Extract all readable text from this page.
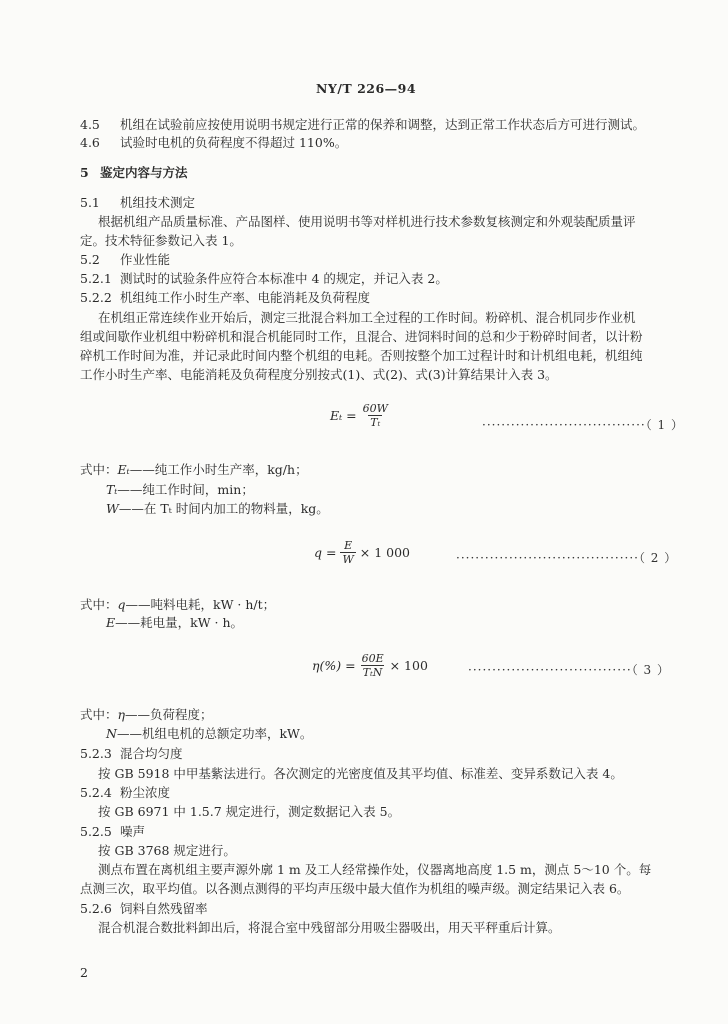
NY/T 226—94
4.5 机组在试验前应按使用说明书规定进行正常的保养和调整，达到正常工作状态后方可进行测试。
4.6 试验时电机的负荷程度不得超过 110%。
5 鉴定内容与方法
5.1 机组技术测定
根据机组产品质量标准、产品图样、使用说明书等对样机进行技术参数复核测定和外观装配质量评
定。技术特征参数记入表 1。
5.2 作业性能
5.2.1 测试时的试验条件应符合本标准中 4 的规定，并记入表 2。
5.2.2 机组纯工作小时生产率、电能消耗及负荷程度
在机组正常连续作业开始后，测定三批混合料加工全过程的工作时间。粉碎机、混合机同步作业机
组或间歇作业机组中粉碎机和混合机能同时工作，且混合、进饲料时间的总和少于粉碎时间者，以计粉
碎机工作时间为准，并记录此时间内整个机组的电耗。否则按整个加工过程计时和计机组电耗，机组纯
工作小时生产率、电能消耗及负荷程度分别按式(1)、式(2)、式(3)计算结果计入表 3。
$E_t = \frac{60W}{\text{Tₜ}}$	··································（ 1 ）
式中：Eₜ——纯工作小时生产率，kg/h；
Tₜ——纯工作时间，min；
W——在 Tₜ 时间内加工的物料量，kg。
$q = \frac{E}{W} \times 1$ 000	······································（ 2 ）
式中：q——吨料电耗，kW · h/t；
E——耗电量，kW · h。
$\eta(\%) = \frac{60E}{\text{TₜN}} \times 100$	··································（ 3 ）
式中：η——负荷程度；
N——机组电机的总额定功率，kW。
5.2.3 混合均匀度
按 GB 5918 中甲基紫法进行。各次测定的光密度值及其平均值、标准差、变异系数记入表 4。
5.2.4 粉尘浓度
按 GB 6971 中 1.5.7 规定进行，测定数据记入表 5。
5.2.5 噪声
按 GB 3768 规定进行。
测点布置在离机组主要声源外廓 1 m 及工人经常操作处，仪器离地高度 1.5 m，测点 5～10 个。每
点测三次，取平均值。以各测点测得的平均声压级中最大值作为机组的噪声级。测定结果记入表 6。
5.2.6 饲料自然残留率
混合机混合数批料卸出后，将混合室中残留部分用吸尘器吸出，用天平秤重后计算。
2
